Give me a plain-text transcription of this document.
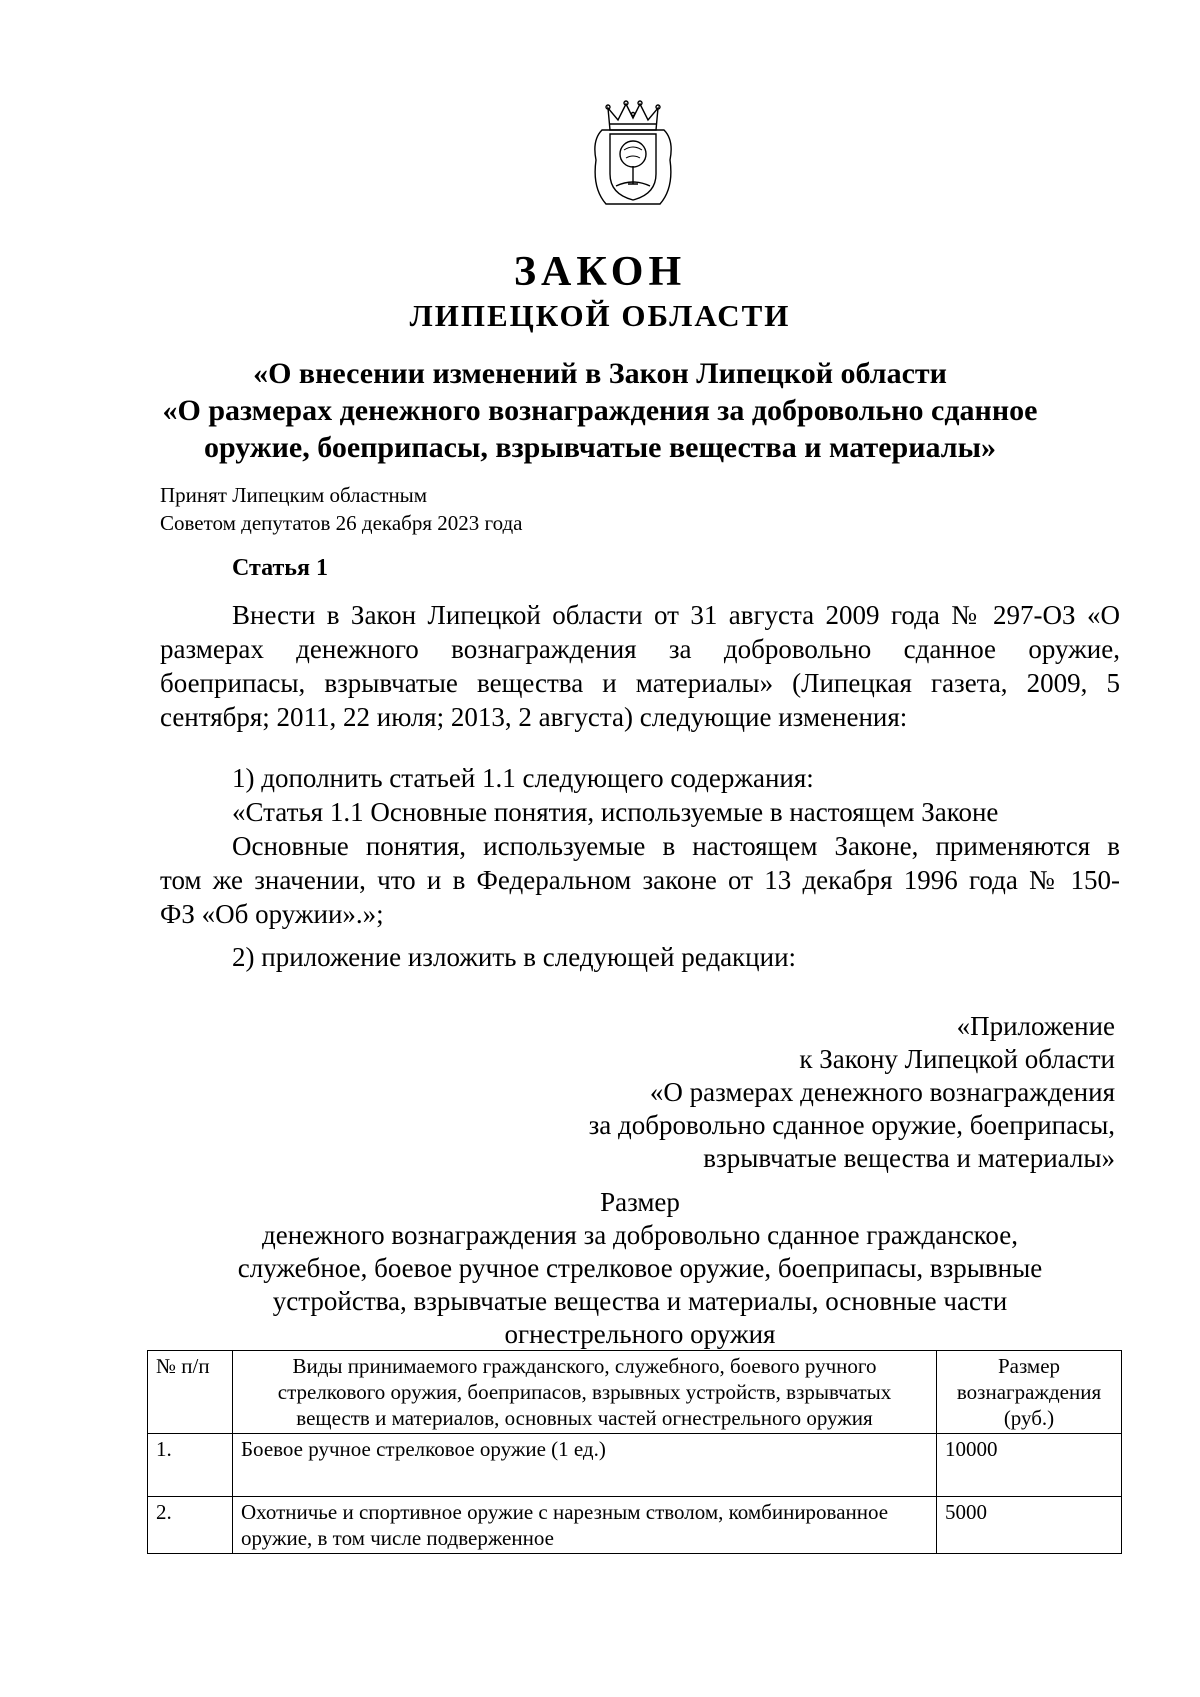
ЗАКОН
ЛИПЕЦКОЙ ОБЛАСТИ
«О внесении изменений в Закон Липецкой области
«О размерах денежного вознаграждения за добровольно сданное
оружие, боеприпасы, взрывчатые вещества и материалы»
Принят Липецким областным
Советом депутатов 26 декабря 2023 года
Статья 1
Внести в Закон Липецкой области от 31 августа 2009 года № 297-ОЗ «О
размерах денежного вознаграждения за добровольно сданное оружие,
боеприпасы, взрывчатые вещества и материалы» (Липецкая газета, 2009, 5
сентября; 2011, 22 июля; 2013, 2 августа) следующие изменения:
1) дополнить статьей 1.1 следующего содержания:
«Статья 1.1 Основные понятия, используемые в настоящем Законе
Основные понятия, используемые в настоящем Законе, применяются в
том же значении, что и в Федеральном законе от 13 декабря 1996 года № 150-
ФЗ «Об оружии».»;
2) приложение изложить в следующей редакции:
«Приложение
к Закону Липецкой области
«О размерах денежного вознаграждения
за добровольно сданное оружие, боеприпасы,
взрывчатые вещества и материалы»
Размер
денежного вознаграждения за добровольно сданное гражданское,
служебное, боевое ручное стрелковое оружие, боеприпасы, взрывные
устройства, взрывчатые вещества и материалы, основные части
огнестрельного оружия
№ п/п	Виды принимаемого гражданского, служебного, боевого ручного стрелкового оружия, боеприпасов, взрывных устройств, взрывчатых веществ и материалов, основных частей огнестрельного оружия	Размер вознаграждения (руб.)
1.	Боевое ручное стрелковое оружие (1 ед.)	10000
2.	Охотничье и спортивное оружие с нарезным стволом, комбинированное оружие, в том числе подверженное	5000
